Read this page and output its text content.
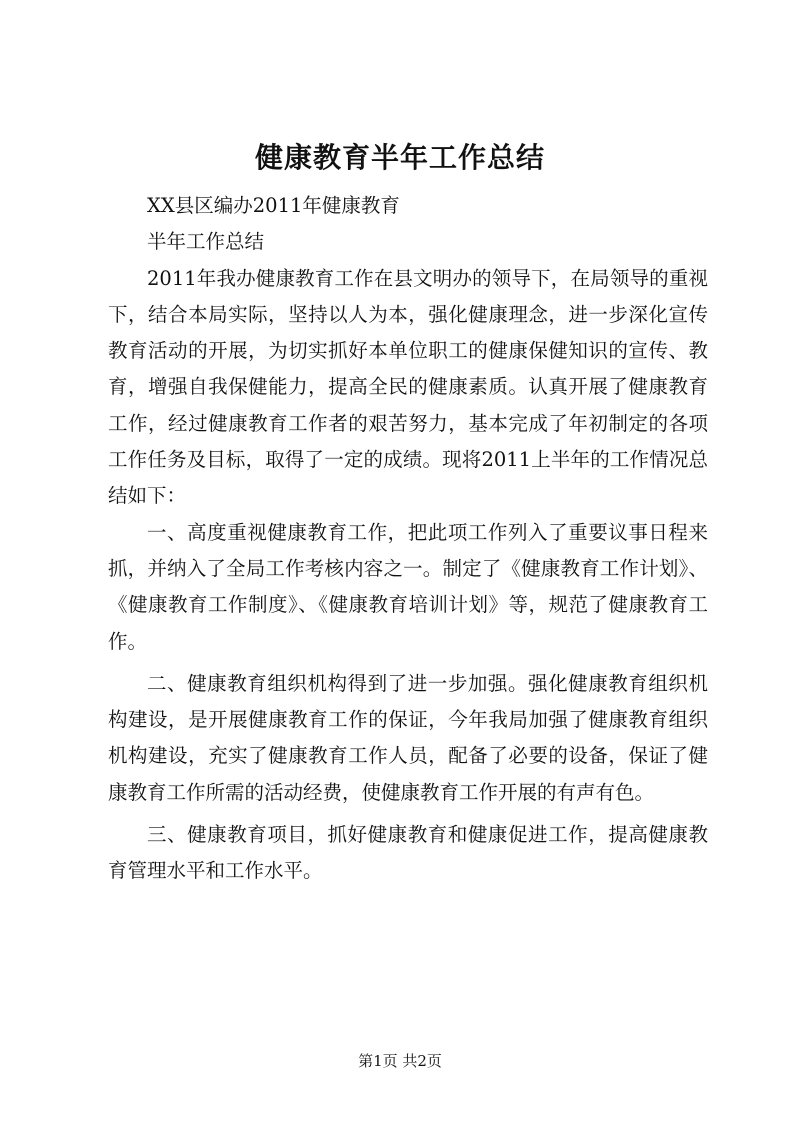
健康教育半年工作总结

XX县区编办2011年健康教育

半年工作总结

2011年我办健康教育工作在县文明办的领导下，在局领导的重视下，结合本局实际，坚持以人为本，强化健康理念，进一步深化宣传教育活动的开展，为切实抓好本单位职工的健康保健知识的宣传、教育，增强自我保健能力，提高全民的健康素质。认真开展了健康教育工作，经过健康教育工作者的艰苦努力，基本完成了年初制定的各项工作任务及目标，取得了一定的成绩。现将2011上半年的工作情况总结如下：

一、高度重视健康教育工作，把此项工作列入了重要议事日程来抓，并纳入了全局工作考核内容之一。制定了《健康教育工作计划》、《健康教育工作制度》、《健康教育培训计划》等，规范了健康教育工作。

二、健康教育组织机构得到了进一步加强。强化健康教育组织机构建设，是开展健康教育工作的保证，今年我局加强了健康教育组织机构建设，充实了健康教育工作人员，配备了必要的设备，保证了健康教育工作所需的活动经费，使健康教育工作开展的有声有色。

三、健康教育项目，抓好健康教育和健康促进工作，提高健康教育管理水平和工作水平。

第1页 共2页
